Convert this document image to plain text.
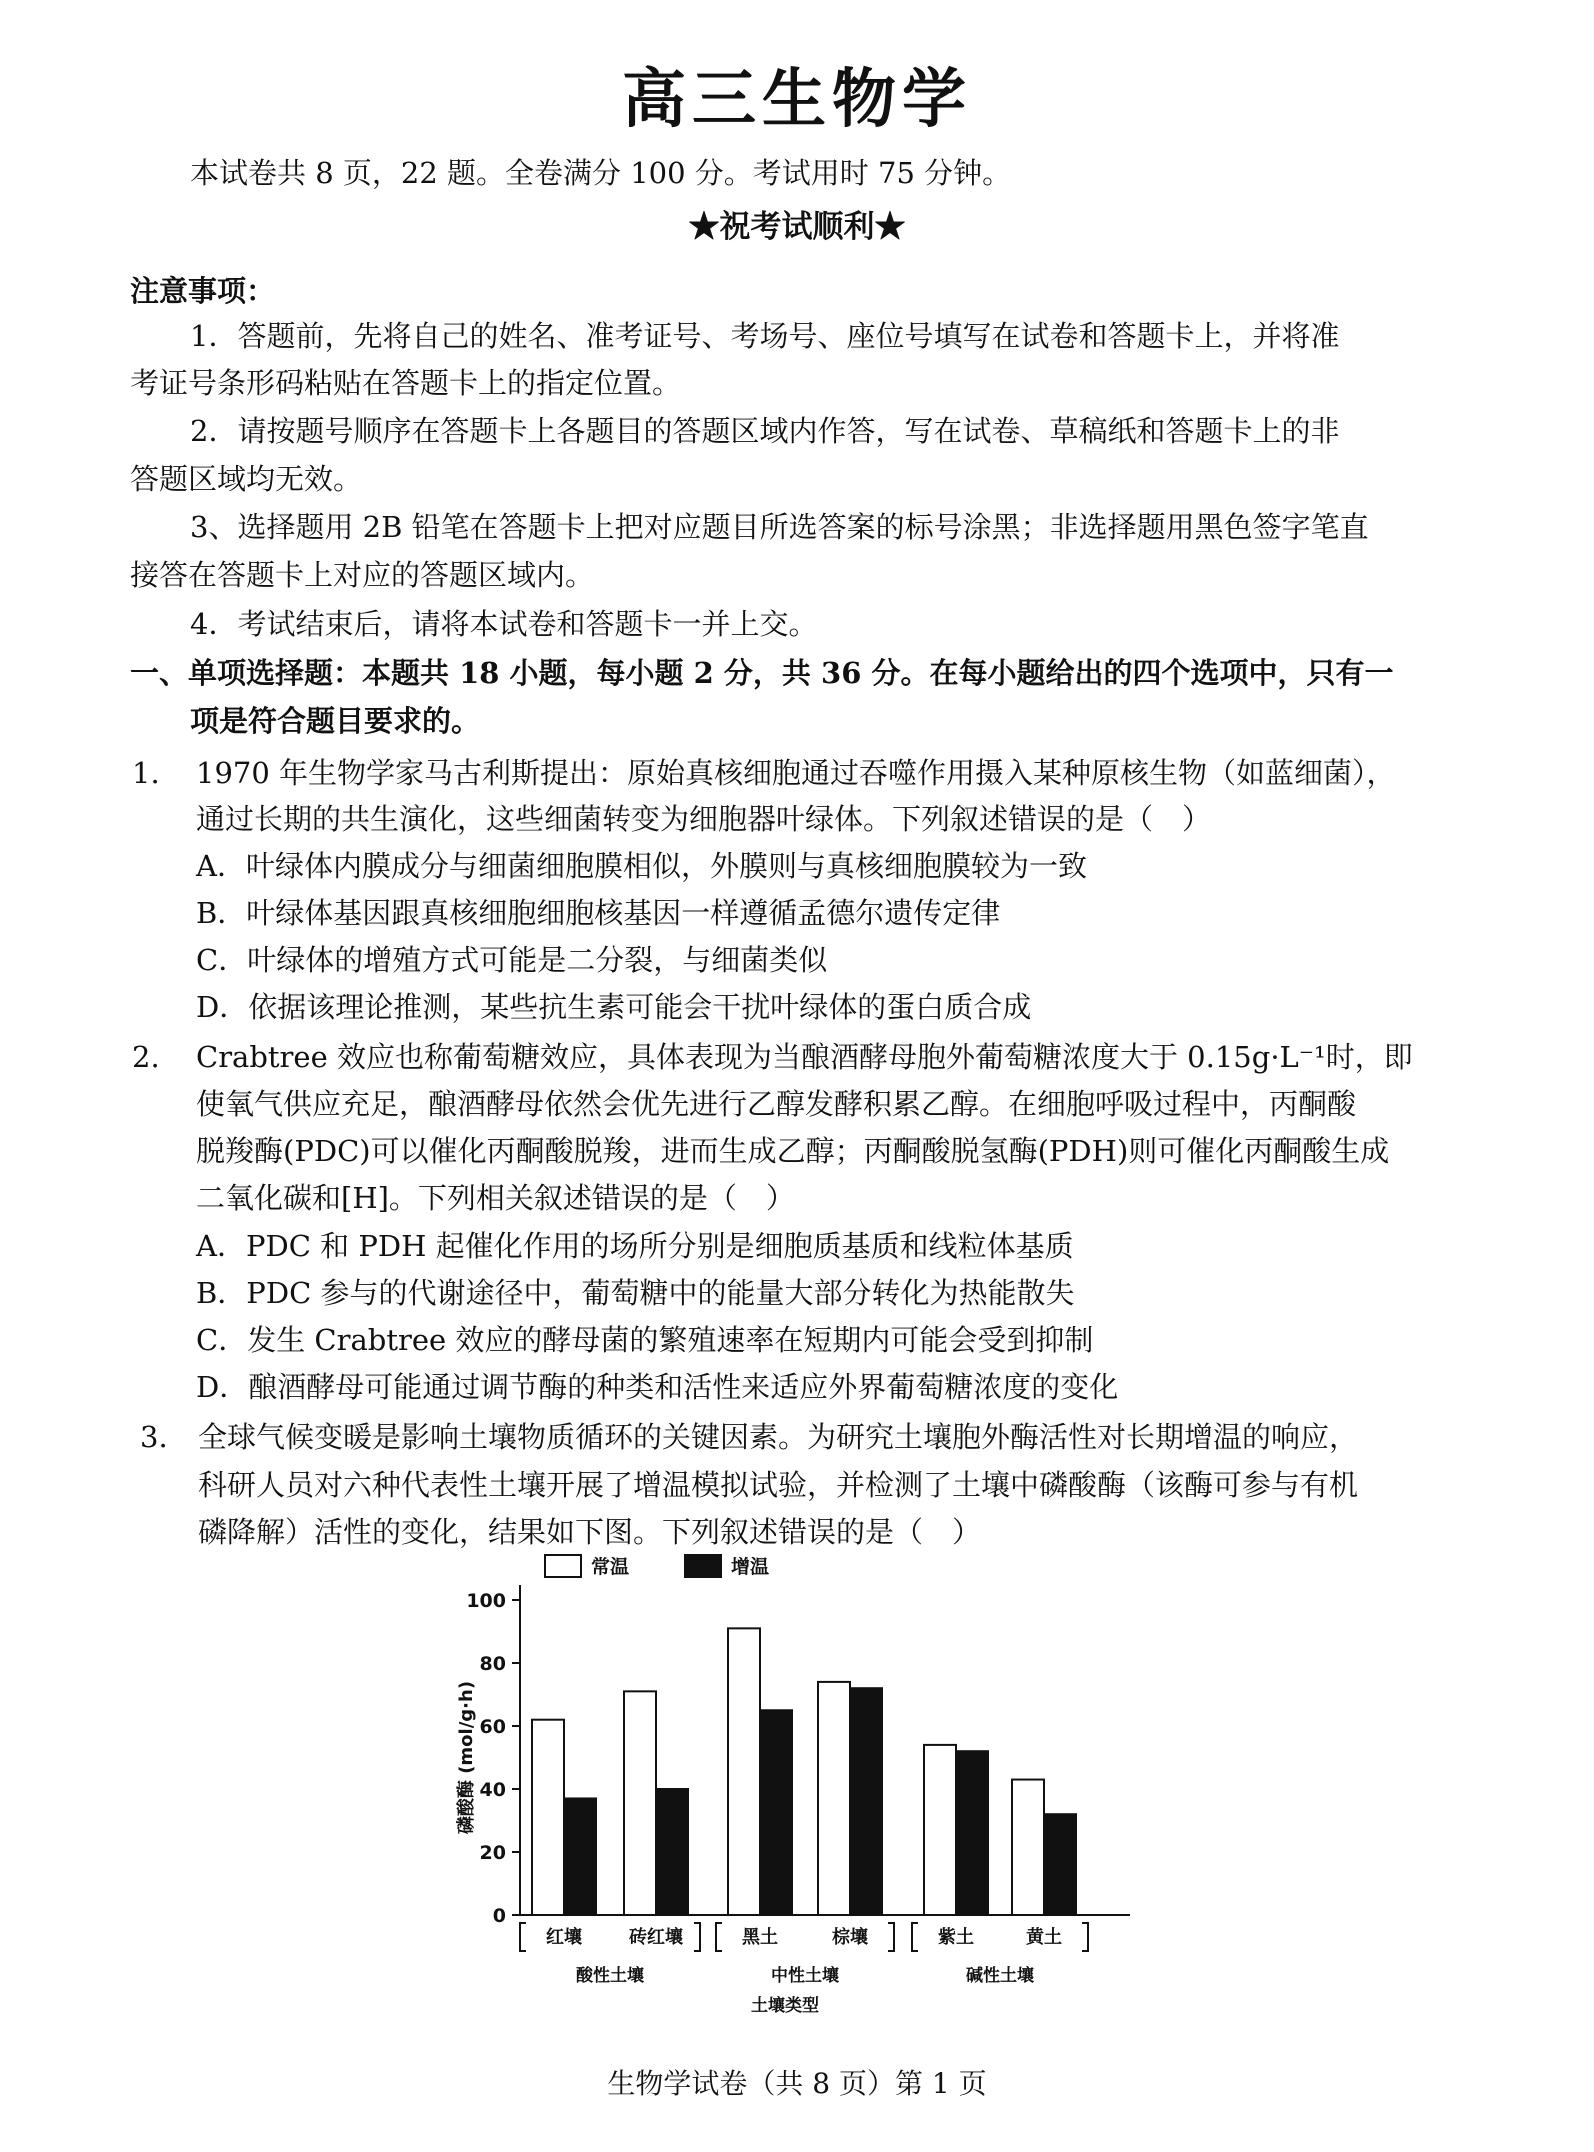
高三生物学
本试卷共 8 页，22 题。全卷满分 100 分。考试用时 75 分钟。
★祝考试顺利★
注意事项：
1．答题前，先将自己的姓名、准考证号、考场号、座位号填写在试卷和答题卡上，并将准
考证号条形码粘贴在答题卡上的指定位置。
2．请按题号顺序在答题卡上各题目的答题区域内作答，写在试卷、草稿纸和答题卡上的非
答题区域均无效。
3、选择题用 2B 铅笔在答题卡上把对应题目所选答案的标号涂黑；非选择题用黑色签字笔直
接答在答题卡上对应的答题区域内。
4．考试结束后，请将本试卷和答题卡一并上交。
一、单项选择题：本题共 18 小题，每小题 2 分，共 36 分。在每小题给出的四个选项中，只有一
项是符合题目要求的。
1. 1970 年生物学家马古利斯提出：原始真核细胞通过吞噬作用摄入某种原核生物（如蓝细菌），
通过长期的共生演化，这些细菌转变为细胞器叶绿体。下列叙述错误的是（　）
A．叶绿体内膜成分与细菌细胞膜相似，外膜则与真核细胞膜较为一致
B．叶绿体基因跟真核细胞细胞核基因一样遵循孟德尔遗传定律
C．叶绿体的增殖方式可能是二分裂，与细菌类似
D．依据该理论推测，某些抗生素可能会干扰叶绿体的蛋白质合成
2. Crabtree 效应也称葡萄糖效应，具体表现为当酿酒酵母胞外葡萄糖浓度大于 0.15g·L⁻¹时，即
使氧气供应充足，酿酒酵母依然会优先进行乙醇发酵积累乙醇。在细胞呼吸过程中，丙酮酸
脱羧酶(PDC)可以催化丙酮酸脱羧，进而生成乙醇；丙酮酸脱氢酶(PDH)则可催化丙酮酸生成
二氧化碳和[H]。下列相关叙述错误的是（　）
A．PDC 和 PDH 起催化作用的场所分别是细胞质基质和线粒体基质
B．PDC 参与的代谢途径中，葡萄糖中的能量大部分转化为热能散失
C．发生 Crabtree 效应的酵母菌的繁殖速率在短期内可能会受到抑制
D．酿酒酵母可能通过调节酶的种类和活性来适应外界葡萄糖浓度的变化
3. 全球气候变暖是影响土壤物质循环的关键因素。为研究土壤胞外酶活性对长期增温的响应，
科研人员对六种代表性土壤开展了增温模拟试验，并检测了土壤中磷酸酶（该酶可参与有机
磷降解）活性的变化，结果如下图。下列叙述错误的是（　）
常温	增温
0
20
40
60
80
100
磷酸酶 (mol/g·h)
红壤	砖红壤	黑土	棕壤	紫土	黄土
酸性土壤	中性土壤	碱性土壤
土壤类型
生物学试卷（共 8 页）第 1 页
